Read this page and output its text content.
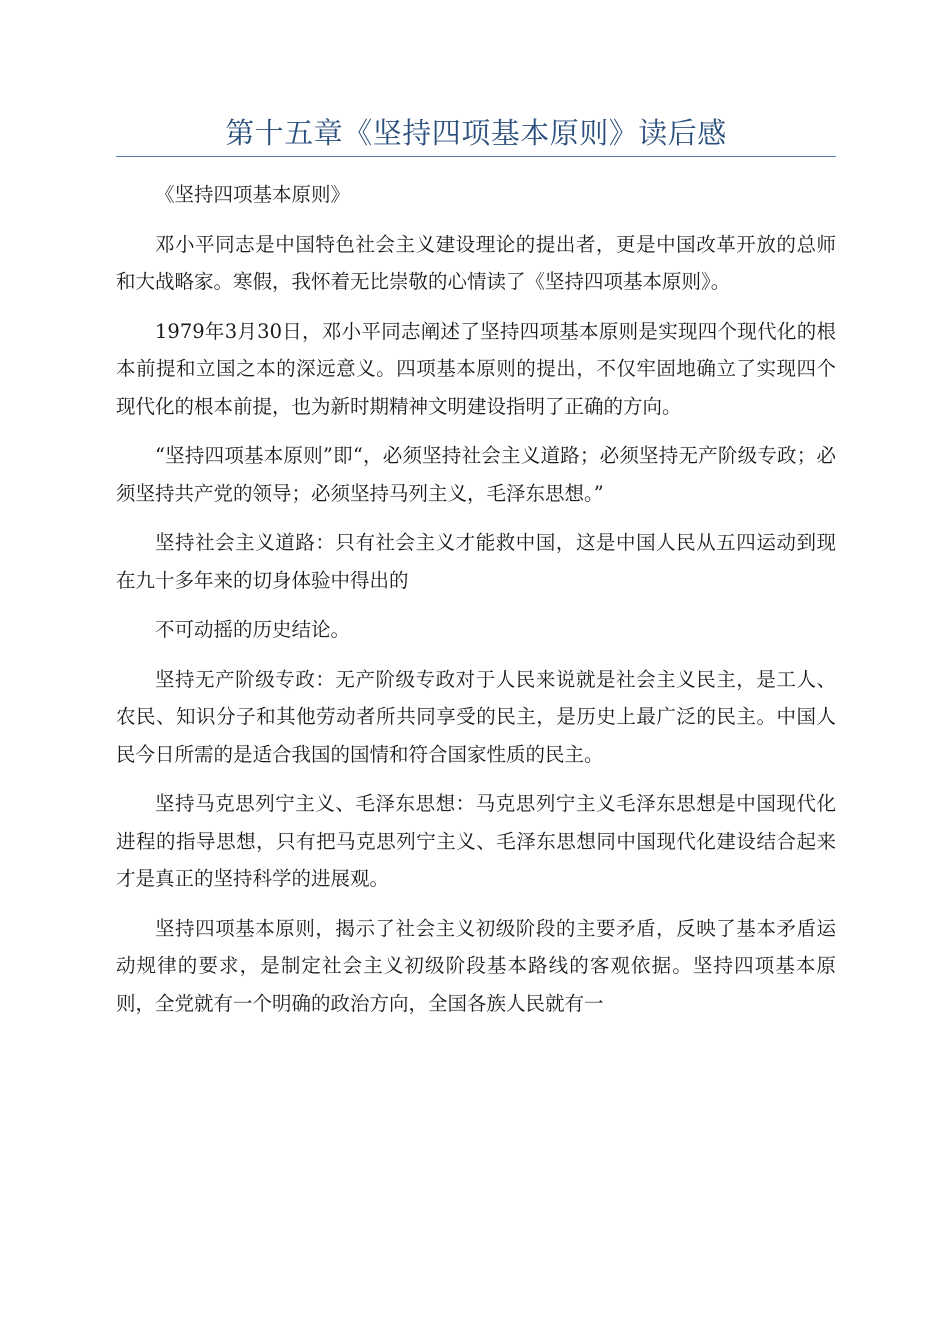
第十五章《坚持四项基本原则》读后感

《坚持四项基本原则》

邓小平同志是中国特色社会主义建设理论的提出者，更是中国改革开放的总师和大战略家。寒假，我怀着无比崇敬的心情读了《坚持四项基本原则》。

1979年3月30日，邓小平同志阐述了坚持四项基本原则是实现四个现代化的根本前提和立国之本的深远意义。四项基本原则的提出，不仅牢固地确立了实现四个现代化的根本前提，也为新时期精神文明建设指明了正确的方向。

“坚持四项基本原则”即“，必须坚持社会主义道路；必须坚持无产阶级专政；必须坚持共产党的领导；必须坚持马列主义，毛泽东思想。”

坚持社会主义道路：只有社会主义才能救中国，这是中国人民从五四运动到现在九十多年来的切身体验中得出的

不可动摇的历史结论。

坚持无产阶级专政：无产阶级专政对于人民来说就是社会主义民主，是工人、农民、知识分子和其他劳动者所共同享受的民主，是历史上最广泛的民主。中国人民今日所需的是适合我国的国情和符合国家性质的民主。

坚持马克思列宁主义、毛泽东思想：马克思列宁主义毛泽东思想是中国现代化进程的指导思想，只有把马克思列宁主义、毛泽东思想同中国现代化建设结合起来才是真正的坚持科学的进展观。

坚持四项基本原则，揭示了社会主义初级阶段的主要矛盾，反映了基本矛盾运动规律的要求，是制定社会主义初级阶段基本路线的客观依据。坚持四项基本原则，全党就有一个明确的政治方向，全国各族人民就有一
